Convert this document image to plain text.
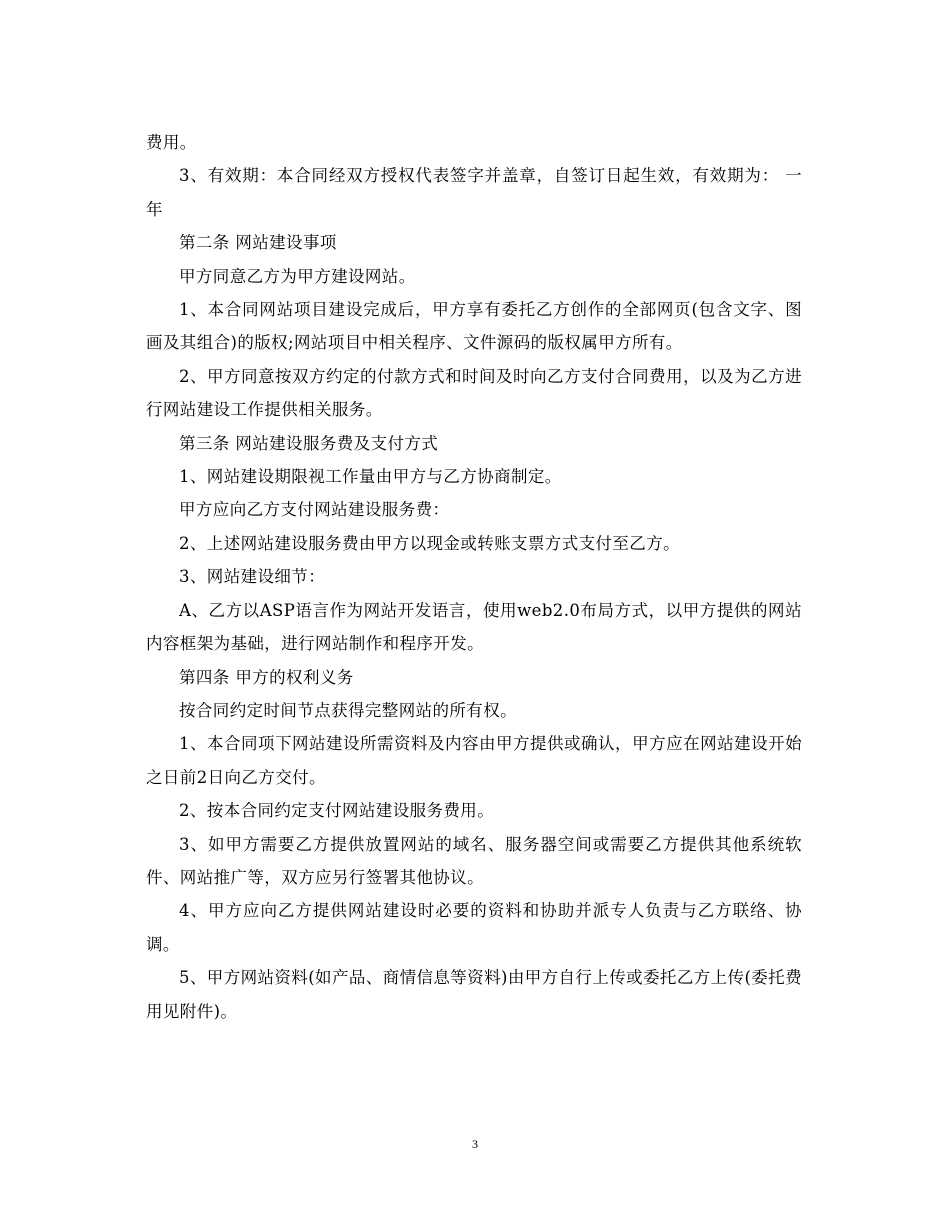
费用。

3、有效期：本合同经双方授权代表签字并盖章，自签订日起生效，有效期为： 一年

第二条 网站建设事项

甲方同意乙方为甲方建设网站。

1、本合同网站项目建设完成后，甲方享有委托乙方创作的全部网页(包含文字、图画及其组合)的版权;网站项目中相关程序、文件源码的版权属甲方所有。

2、甲方同意按双方约定的付款方式和时间及时向乙方支付合同费用，以及为乙方进行网站建设工作提供相关服务。

第三条 网站建设服务费及支付方式

1、网站建设期限视工作量由甲方与乙方协商制定。

甲方应向乙方支付网站建设服务费：

2、上述网站建设服务费由甲方以现金或转账支票方式支付至乙方。

3、网站建设细节：

A、乙方以ASP语言作为网站开发语言，使用web2.0布局方式，以甲方提供的网站内容框架为基础，进行网站制作和程序开发。

第四条 甲方的权利义务

按合同约定时间节点获得完整网站的所有权。

1、本合同项下网站建设所需资料及内容由甲方提供或确认，甲方应在网站建设开始之日前2日向乙方交付。

2、按本合同约定支付网站建设服务费用。

3、如甲方需要乙方提供放置网站的域名、服务器空间或需要乙方提供其他系统软件、网站推广等，双方应另行签署其他协议。

4、甲方应向乙方提供网站建设时必要的资料和协助并派专人负责与乙方联络、协调。

5、甲方网站资料(如产品、商情信息等资料)由甲方自行上传或委托乙方上传(委托费用见附件)。

3
